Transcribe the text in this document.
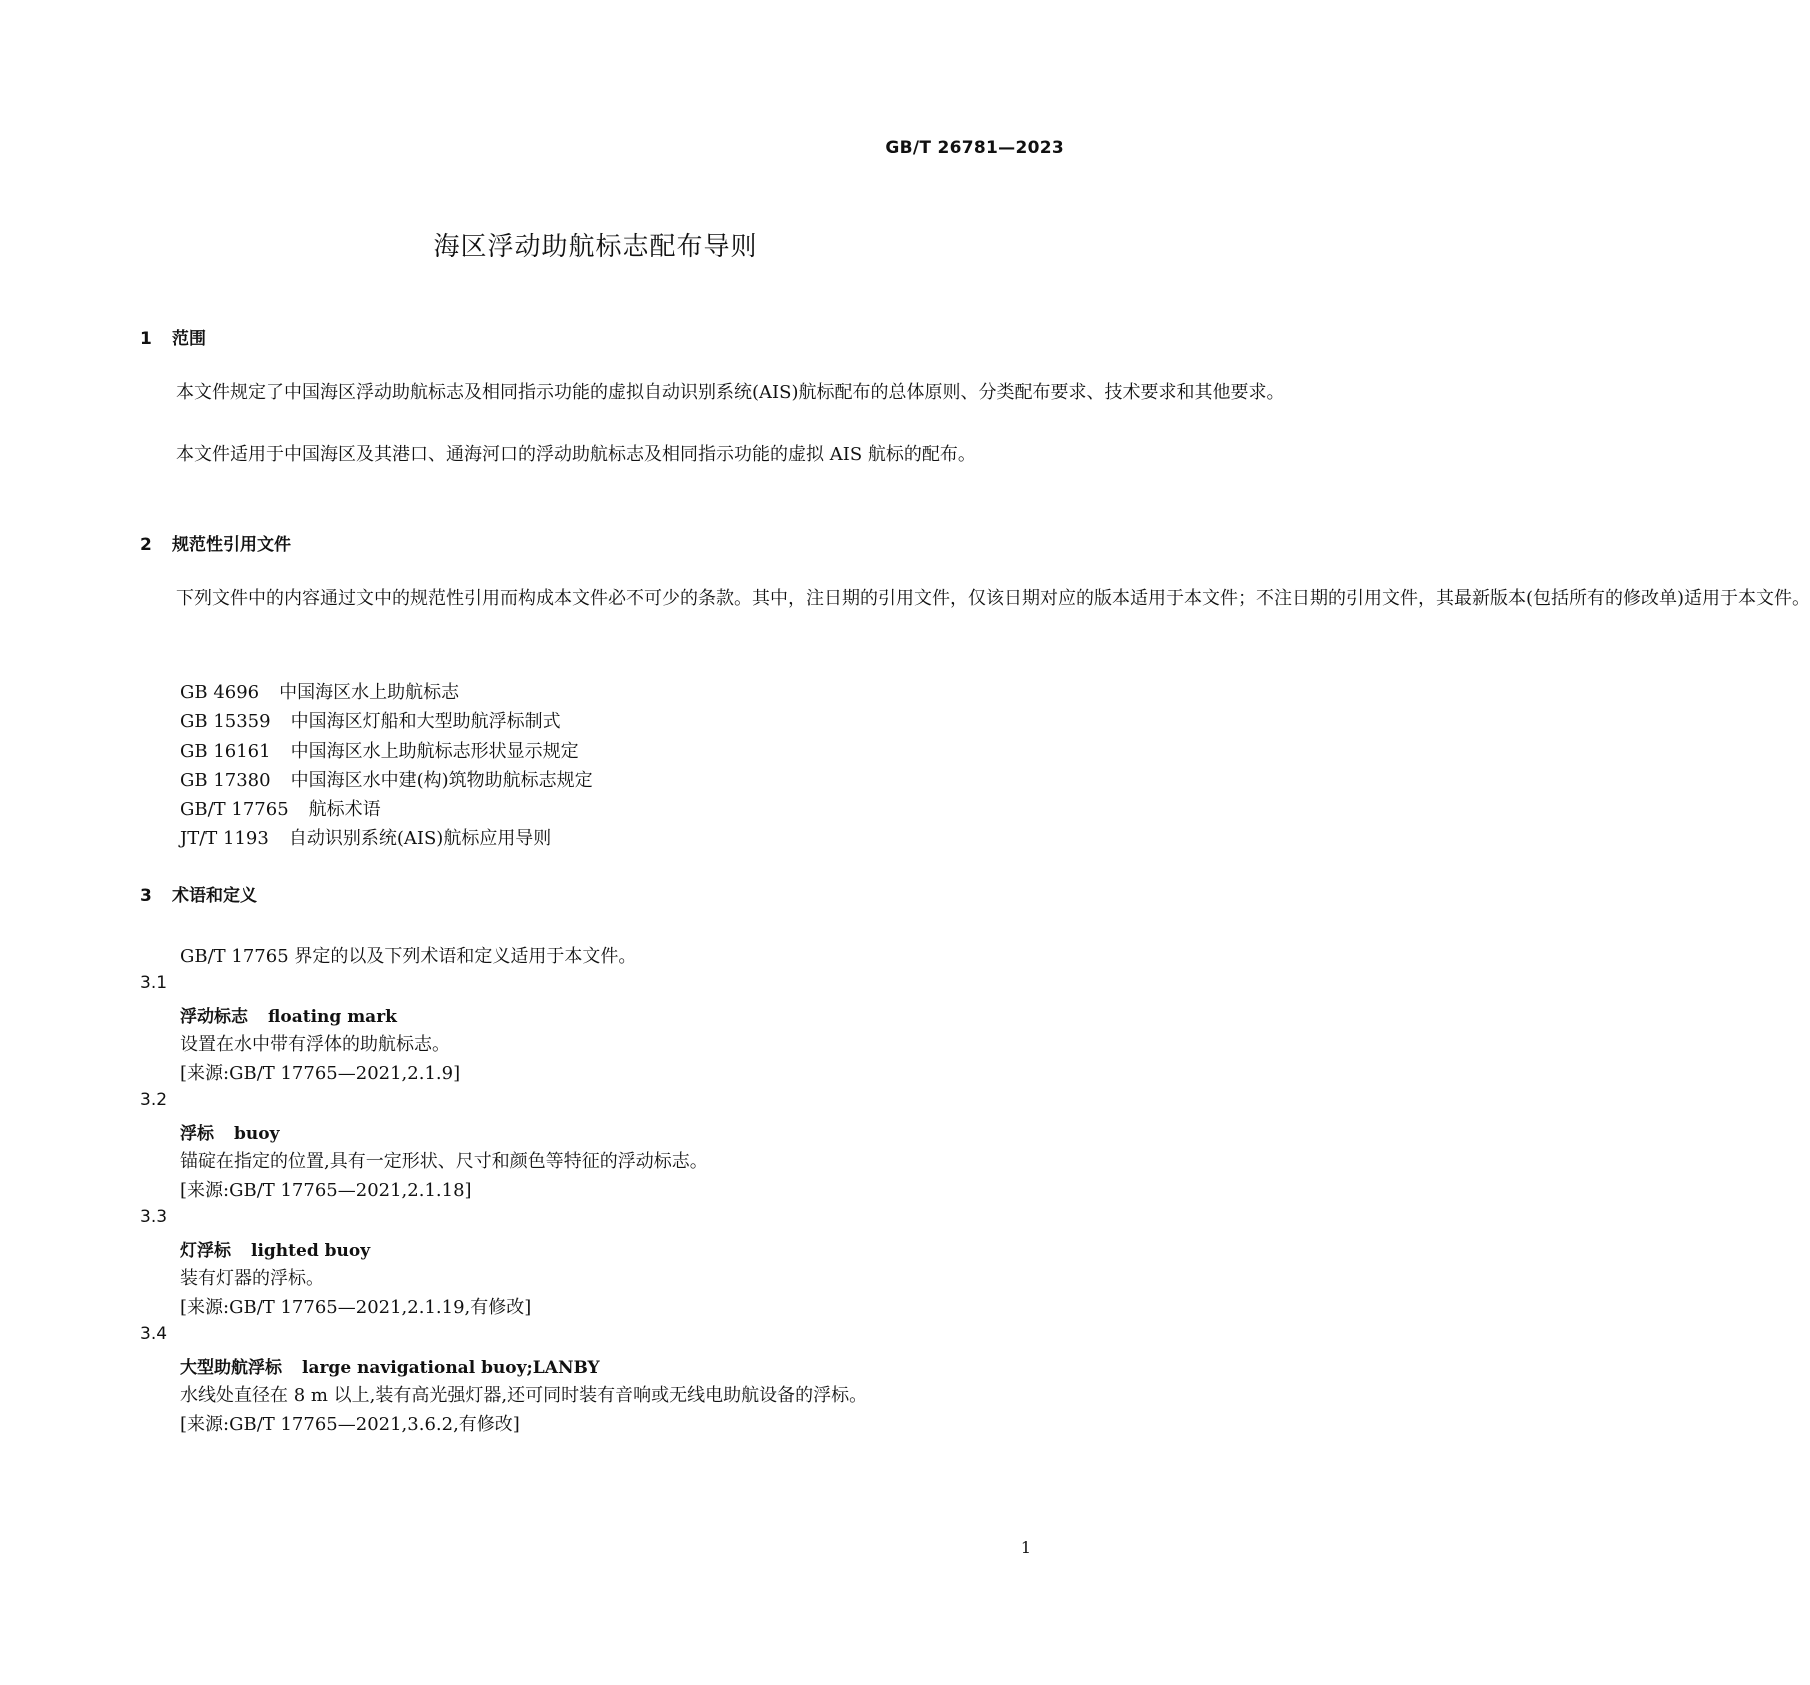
GB/T 26781—2023
海区浮动助航标志配布导则
1 范围
本文件规定了中国海区浮动助航标志及相同指示功能的虚拟自动识别系统(AIS)航标配布的总体原则、分类配布要求、技术要求和其他要求。
本文件适用于中国海区及其港口、通海河口的浮动助航标志及相同指示功能的虚拟 AIS 航标的配布。
2 规范性引用文件
下列文件中的内容通过文中的规范性引用而构成本文件必不可少的条款。其中，注日期的引用文件，仅该日期对应的版本适用于本文件；不注日期的引用文件，其最新版本(包括所有的修改单)适用于本文件。
GB 4696 中国海区水上助航标志
GB 15359 中国海区灯船和大型助航浮标制式
GB 16161 中国海区水上助航标志形状显示规定
GB 17380 中国海区水中建(构)筑物助航标志规定
GB/T 17765 航标术语
JT/T 1193 自动识别系统(AIS)航标应用导则
3 术语和定义
GB/T 17765 界定的以及下列术语和定义适用于本文件。
3.1
浮动标志 floating mark
设置在水中带有浮体的助航标志。
[来源:GB/T 17765—2021,2.1.9]
3.2
浮标 buoy
锚碇在指定的位置,具有一定形状、尺寸和颜色等特征的浮动标志。
[来源:GB/T 17765—2021,2.1.18]
3.3
灯浮标 lighted buoy
装有灯器的浮标。
[来源:GB/T 17765—2021,2.1.19,有修改]
3.4
大型助航浮标 large navigational buoy;LANBY
水线处直径在 8 m 以上,装有高光强灯器,还可同时装有音响或无线电助航设备的浮标。
[来源:GB/T 17765—2021,3.6.2,有修改]
1
